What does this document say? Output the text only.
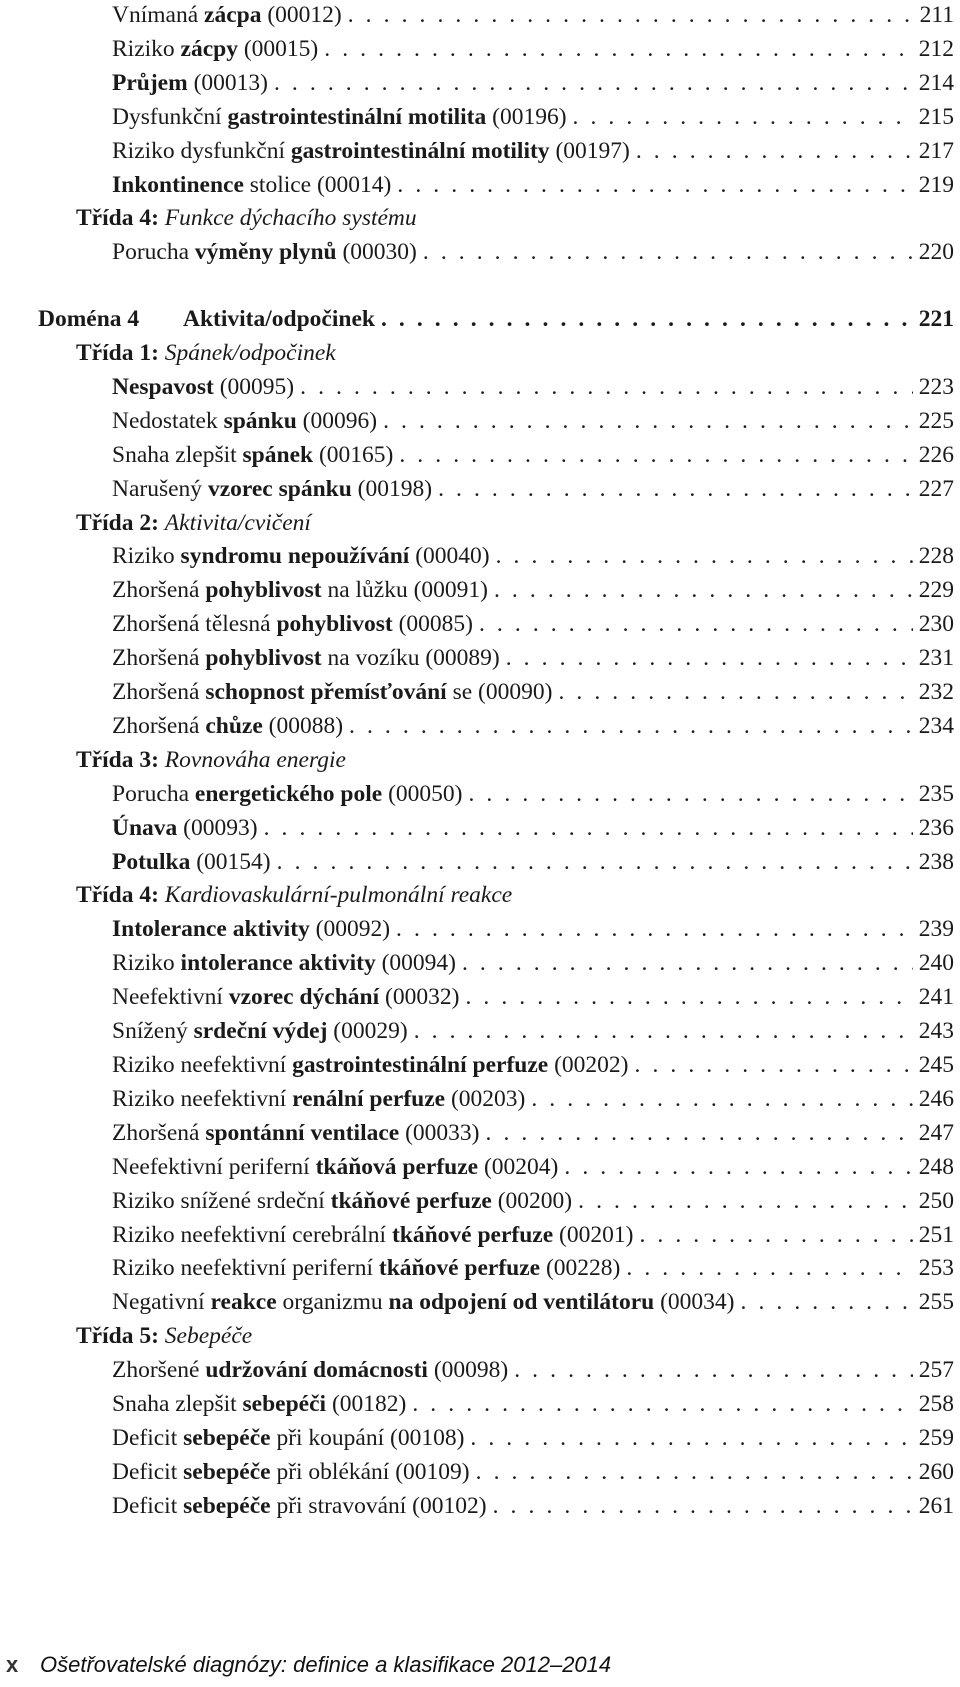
Vnímaná zácpa (00012) . . .	211
Riziko zácpy (00015) . . .	212
Průjem (00013) . . .	214
Dysfunkční gastrointestinální motilita (00196) . . .	215
Riziko dysfunkční gastrointestinální motility (00197) . . .	217
Inkontinence stolice (00014) . . .	219
Třída 4: Funkce dýchacího systému
Porucha výměny plynů (00030) . . .	220
Doména 4 Aktivita/odpočinek . . .	221
Třída 1: Spánek/odpočinek
Nespavost (00095) . . .	223
Nedostatek spánku (00096) . . .	225
Snaha zlepšit spánek (00165) . . .	226
Narušený vzorec spánku (00198) . . .	227
Třída 2: Aktivita/cvičení
Riziko syndromu nepoužívání (00040) . . .	228
Zhoršená pohyblivost na lůžku (00091) . . .	229
Zhoršená tělesná pohyblivost (00085) . . .	230
Zhoršená pohyblivost na vozíku (00089) . . .	231
Zhoršená schopnost přemísťování se (00090) . . .	232
Zhoršená chůze (00088) . . .	234
Třída 3: Rovnováha energie
Porucha energetického pole (00050) . . .	235
Únava (00093) . . .	236
Potulka (00154) . . .	238
Třída 4: Kardiovaskulární-pulmonální reakce
Intolerance aktivity (00092) . . .	239
Riziko intolerance aktivity (00094) . . .	240
Neefektivní vzorec dýchání (00032) . . .	241
Snížený srdeční výdej (00029) . . .	243
Riziko neefektivní gastrointestinální perfuze (00202) . . .	245
Riziko neefektivní renální perfuze (00203) . . .	246
Zhoršená spontánní ventilace (00033) . . .	247
Neefektivní periferní tkáňová perfuze (00204) . . .	248
Riziko snížené srdeční tkáňové perfuze (00200) . . .	250
Riziko neefektivní cerebrální tkáňové perfuze (00201) . . .	251
Riziko neefektivní periferní tkáňové perfuze (00228) . . .	253
Negativní reakce organizmu na odpojení od ventilátoru (00034) . . .	255
Třída 5: Sebepéče
Zhoršené udržování domácnosti (00098) . . .	257
Snaha zlepšit sebepéči (00182) . . .	258
Deficit sebepéče při koupání (00108) . . .	259
Deficit sebepéče při oblékání (00109) . . .	260
Deficit sebepéče při stravování (00102) . . .	261
x Ošetřovatelské diagnózy: definice a klasifikace 2012–2014
